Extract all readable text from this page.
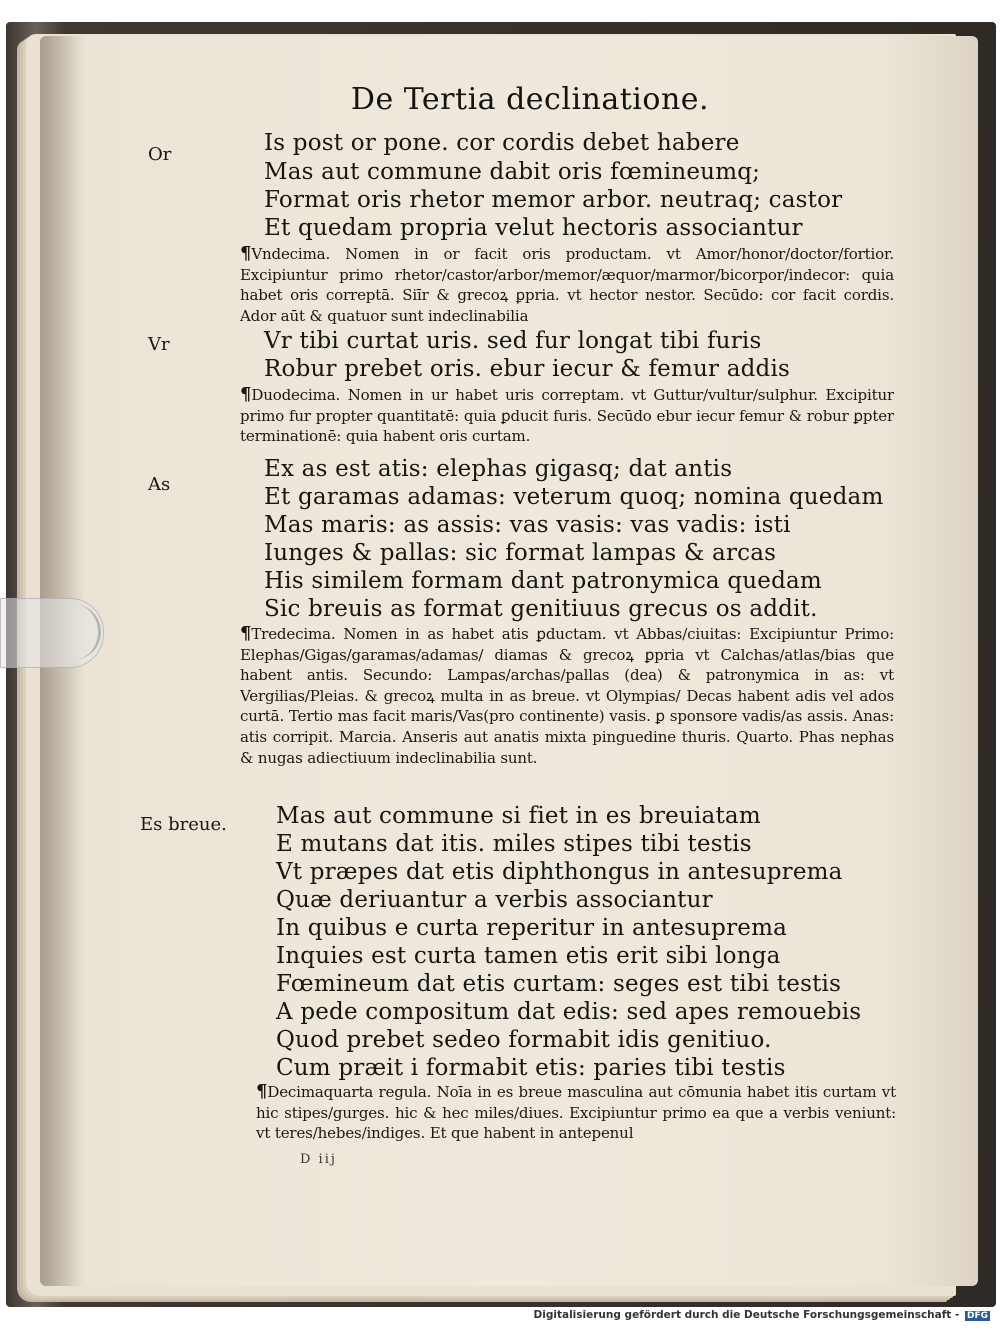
De Tertia declinatione.
Or	Is post or pone. cor cordis debet habere
Mas aut commune dabit oris fœmineumq;
Format oris rhetor memor arbor. neutraq; castor
Et quedam propria velut hectoris associantur
¶Vndecima. Nomen in or facit oris productam. vt Amor/honor/doctor/fortior. Excipiuntur primo rhetor/castor/arbor/memor/æquor/marmor/bicorpor/indecor: quia habet oris correptā. Siīr & grecoꝝ ꝑpria. vt hector nestor. Secūdo: cor facit cordis. Ador aūt & quatuor sunt indeclinabilia
Vr	Vr tibi curtat uris. sed fur longat tibi furis
Robur prebet oris. ebur iecur & femur addis
¶Duodecima. Nomen in ur habet uris correptam. vt Guttur/vultur/sulphur. Excipitur primo fur propter quantitatē: quia ꝑducit furis. Secūdo ebur iecur femur & robur ꝑpter terminationē: quia habent oris curtam.
As
Ex as est atis: elephas gigasq; dat antis
Et garamas adamas: veterum quoq; nomina quedam
Mas maris: as assis: vas vasis: vas vadis: isti
Iunges & pallas: sic format lampas & arcas
His similem formam dant patronymica quedam
Sic breuis as format genitiuus grecus os addit.
¶Tredecima. Nomen in as habet atis ꝑductam. vt Abbas/ciuitas: Excipiuntur Primo: Elephas/Gigas/garamas/adamas/ diamas & grecoꝝ ꝑpria vt Calchas/atlas/bias que habent antis. Secundo: Lampas/archas/pallas (dea) & patronymica in as: vt Vergilias/Pleias. & grecoꝝ multa in as breue. vt Olympias/ Decas habent adis vel ados curtā. Tertio mas facit maris/Vas(pro continente) vasis. ꝑ sponsore vadis/as assis. Anas: atis corripit. Marcia. Anseris aut anatis mixta pinguedine thuris. Quarto. Phas nephas & nugas adiectiuum indeclinabilia sunt.
Es breue. Mas aut commune si fiet in es breuiatam
E mutans dat itis. miles stipes tibi testis
Vt præpes dat etis diphthongus in antesuprema
Quæ deriuantur a verbis associantur
In quibus e curta reperitur in antesuprema
Inquies est curta tamen etis erit sibi longa
Fœmineum dat etis curtam: seges est tibi testis
A pede compositum dat edis: sed apes remouebis
Quod prebet sedeo formabit idis genitiuo.
Cum præit i formabit etis: paries tibi testis
¶Decimaquarta regula. Noīa in es breue masculina aut cōmunia habet itis curtam vt hic stipes/gurges. hic & hec miles/diues. Excipiuntur primo ea que a verbis veniunt: vt teres/hebes/indiges. Et que habent in antepenul
D iij
Digitalisierung gefördert durch die Deutsche Forschungsgemeinschaft - DFG
